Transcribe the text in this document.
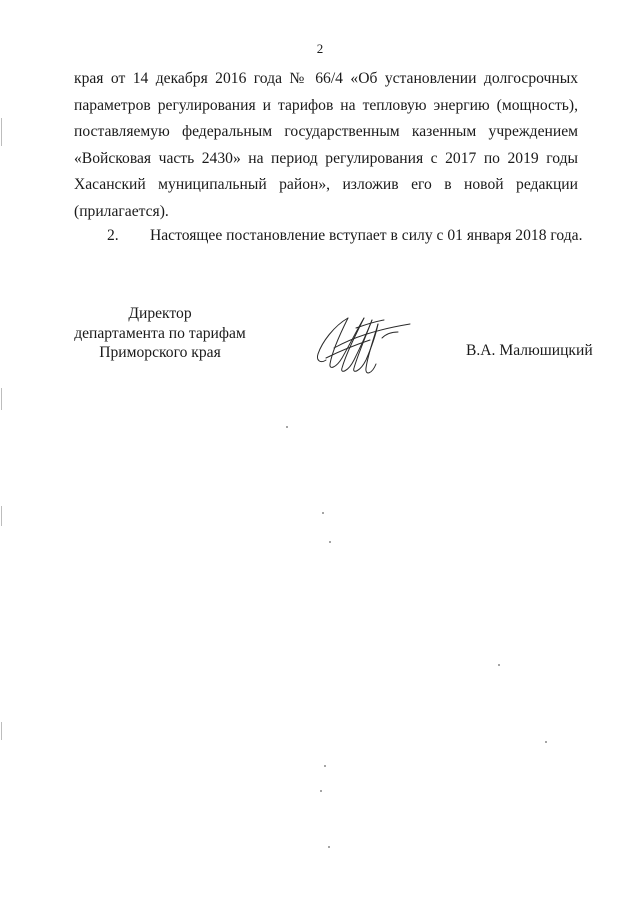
2
края от 14 декабря 2016 года № 66/4 «Об установлении долгосрочных
параметров регулирования и тарифов на тепловую энергию (мощность),
поставляемую федеральным государственным казенным учреждением
«Войсковая часть 2430» на период регулирования с 2017 по 2019 годы
Хасанский муниципальный район», изложив его в новой редакции
(прилагается).
2. Настоящее постановление вступает в силу с 01 января 2018 года.
Директор
департамента по тарифам
Приморского края	В.А. Малюшицкий
